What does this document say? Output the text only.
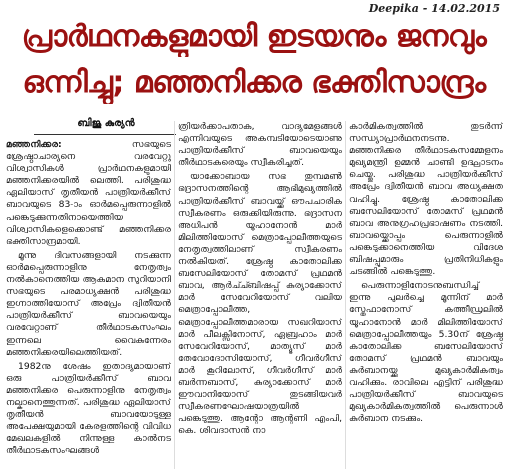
Deepika - 14.02.2015
പ്രാർഥനകളുമായി ഇടയനും ജനവും
ഒന്നിച്ചു; മഞ്ഞനിക്കര ഭക്തിസാന്ദ്രം
ബിജു കുര്യൻ

മഞ്ഞനിക്കര: സഭയുടെ ശ്രേഷ്ഠാചാര്യനെ വരവേറ്റു വിശ്വാസികൾ പ്രാർഥനകളുമായി മഞ്ഞനിക്കരയിൽ ലെത്തി. പരിശുദ്ധ ഏലിയാസ് തൃതീയൻ പാത്രിയർക്കീസ് ബാവയുടെ 83-ാം ഓർമപ്പെരുന്നാളിൽ പങ്കെടുക്കുന്നതിനായെത്തിയ വിശ്വാസികളെക്കൊണ്ട് മഞ്ഞനിക്കര ഭക്തിസാന്ദ്രമായി.

മൂന്നു ദിവസങ്ങളായി നടക്കുന്ന ഓർമപ്പെരുന്നാളിനു നേതൃത്വം നൽകാനെത്തിയ ആകമാന സുറിയാനി സഭയുടെ പരമാധ്യക്ഷൻ പരിശുദ്ധ ഇഗ്നാത്തിയോസ് അപ്രേം ദ്വിതീയൻ പാത്രിയർക്കീസ് ബാവയെയും വരവേറ്റാണ് തീർഥാടകസംഘം ഇന്നലെ വൈകുന്നേരം മഞ്ഞനിക്കരയിലെത്തിയത്.

1982നു ശേഷം ഇതാദ്യമായാണ് ഒരു പാത്രിയർക്കീസ് ബാവ മഞ്ഞനിക്കര പെരുന്നാളിനു നേതൃത്വം നല്കാനെത്തുന്നത്. പരിശുദ്ധ ഏലിയാസ് തൃതീയൻ ബാവയോടുള്ള അപേക്ഷയുമായി കേരളത്തിന്റെ വിവിധ മേഖലകളിൽ നിന്നുള്ള കാൽനട തീർഥാടകസംഘങ്ങൾ

ത്രിയർക്കാപതാക, വാദ്യമേളങ്ങൾ എന്നിവയുടെ അകമ്പടിയോടെയാണു പാത്രിയർക്കീസ് ബാവയെയും തീർഥാടകരെയും സ്വീകരിച്ചത്.

യാക്കോബായ സഭ തുമ്പമൺ ഭദ്രാസനത്തിന്റെ ആഭിമുഖ്യത്തിൽ പാത്രിയർക്കീസ് ബാവയ്ക്ക് ഔപചാരിക സ്വീകരണം ഒരുക്കിയിരുന്നു. ഭദ്രാസന അധിപൻ യൂഹാനോൻ മാർ മിലിത്തിയോസ് മെത്രാപ്പോലീത്തയുടെ നേതൃത്വത്തിലാണ് സ്വീകരണം നൽകിയത്. ശ്രേഷ്ഠ കാതോലിക്ക ബസേലിയോസ് തോമസ് പ്രഥമൻ ബാവ, ആർച്ച്ബിഷപ്പ് കുര്യാക്കോസ് മാർ സേവേറിയോസ് വലിയ മെത്രാപ്പോലീത്ത, മെത്രാപ്പോലീത്തമാരായ സഖറിയാസ് മാർ പീലക്സിനോസ്, ഏബ്രഹാം മാർ സേവേറിയോസ്, മാത്യൂസ് മാർ തേവോദോസിയോസ്, ഗീവർഗീസ് മാർ കൂറിലോസ്, ഗീവർഗീസ് മാർ ബർന്നബാസ്, കുര്യാക്കോസ് മാർ ഈവാനിയോസ് തുടങ്ങിയവർ സ്വീകരണഘോഷയാത്രയിൽ പങ്കെടുത്തു. ആന്റോ ആന്റണി എംപി, കെ. ശിവദാസൻ നാ

കാർമികത്വത്തിൽ തുടർന്ന് സന്ധ്യാപ്രാർഥനനടന്നു. മഞ്ഞനിക്കര തീർഥാടകസമ്മേളനം മുഖ്യമന്ത്രി ഉമ്മൻ ചാണ്ടി ഉദ്ഘാടനം ചെയ്തു. പരിശുദ്ധ പാത്രിയർക്കീസ് അപ്രേം ദ്വിതീയൻ ബാവ അധ്യക്ഷത വഹിച്ചു. ശ്രേഷ്ഠ കാതോലിക്ക ബസേലിയോസ് തോമസ് പ്രഥമൻ ബാവ അനുഗ്രഹപ്രഭാഷണം നടത്തി. ബാവയ്ക്കൊപ്പം പെരുന്നാളിൽ പങ്കെടുക്കാനെത്തിയ വിദേശ ബിഷപ്പുമാരും പ്രതിനിധികളും ചടങ്ങിൽ പങ്കെടുത്തു.

പെരുന്നാളിനോടനുബന്ധിച്ച് ഇന്നു പുലർച്ചെ മൂന്നിന് മാർ സ്തേഫാനോസ് കത്തീഡ്രലിൽ യൂഹാനോൻ മാർ മിലിത്തിയോസ് മെത്രാപ്പോലീത്തയും 5.30ന് ശ്രേഷ്ഠ കാതോലിക്ക ബസേലിയോസ് തോമസ് പ്രഥമൻ ബാവയും കുർബാനയ്ക്കു മുഖ്യകാർമികത്വം വഹിക്കും. രാവിലെ എട്ടിന് പരിശുദ്ധ പാത്രിയർക്കീസ് ബാവയുടെ മുഖ്യകാർമികത്വത്തിൽ പെരുന്നാൾ കുർബാന നടക്കും.
